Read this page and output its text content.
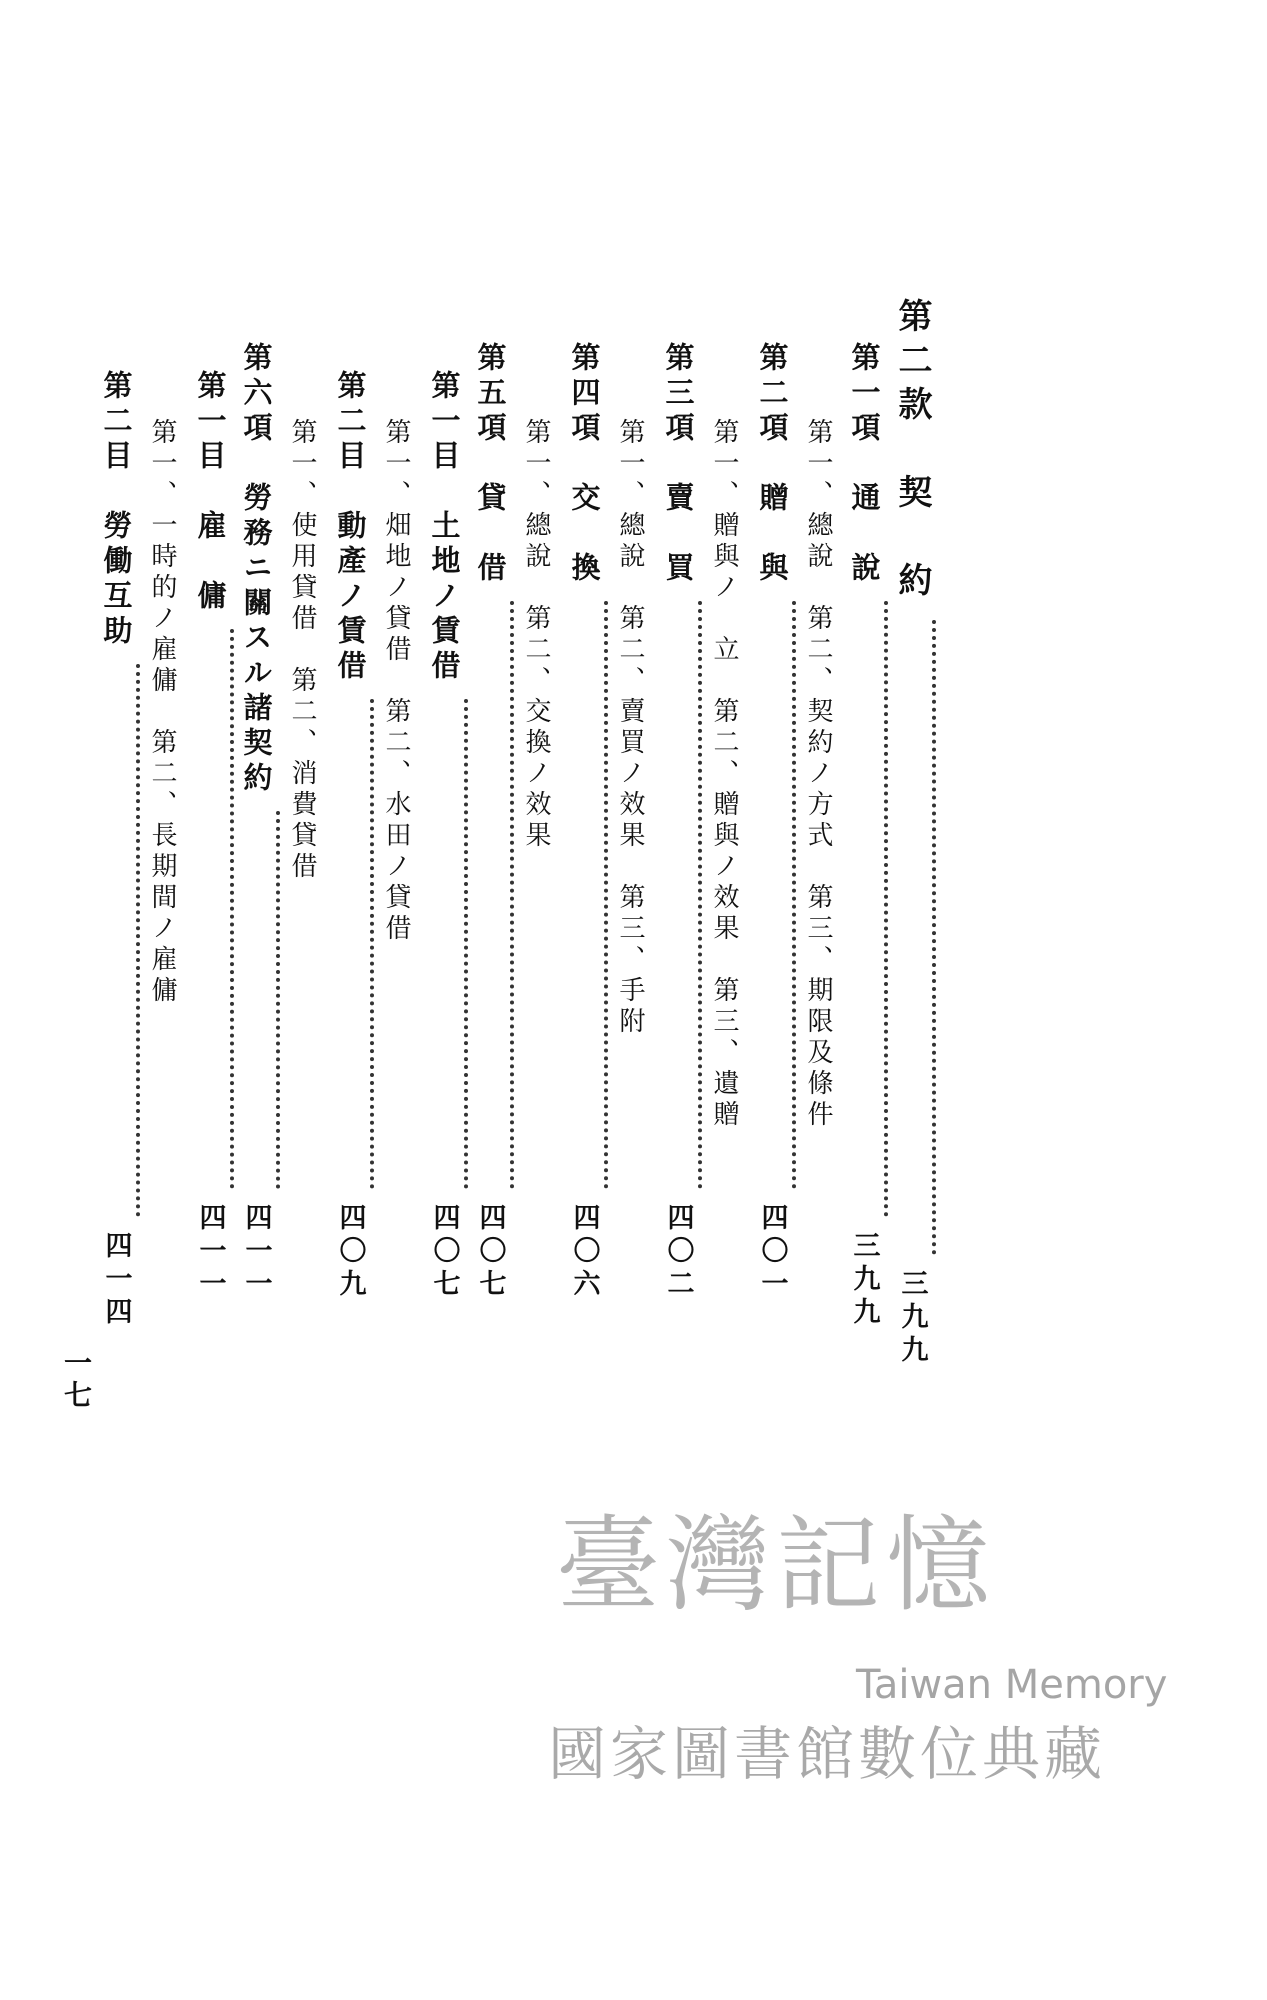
第二款　契　約
三九九
第一項　通　說
三九九
第一、總說　第二、契約ノ方式　第三、期限及條件
第二項　贈　與
四〇一
第一、贈與ノ　立　第二、贈與ノ效果　第三、遺贈
第三項　賣　買
四〇二
第一、總說　第二、賣買ノ效果　第三、手附
第四項　交　換
四〇六
第一、總說　第二、交換ノ效果
第五項　貸　借
四〇七
第一目　土地ノ賃借
四〇七
第一、畑地ノ貸借　第二、水田ノ貸借
第二目　動產ノ賃借
四〇九
第一、使用貸借　第二、消費貸借
第六項　勞務ニ關スル諸契約
四一一
第一目　雇　傭
四一一
第一、一時的ノ雇傭　第二、長期間ノ雇傭
第二目　勞働互助
四一四
一七
臺灣記憶
Taiwan Memory
國家圖書館數位典藏
